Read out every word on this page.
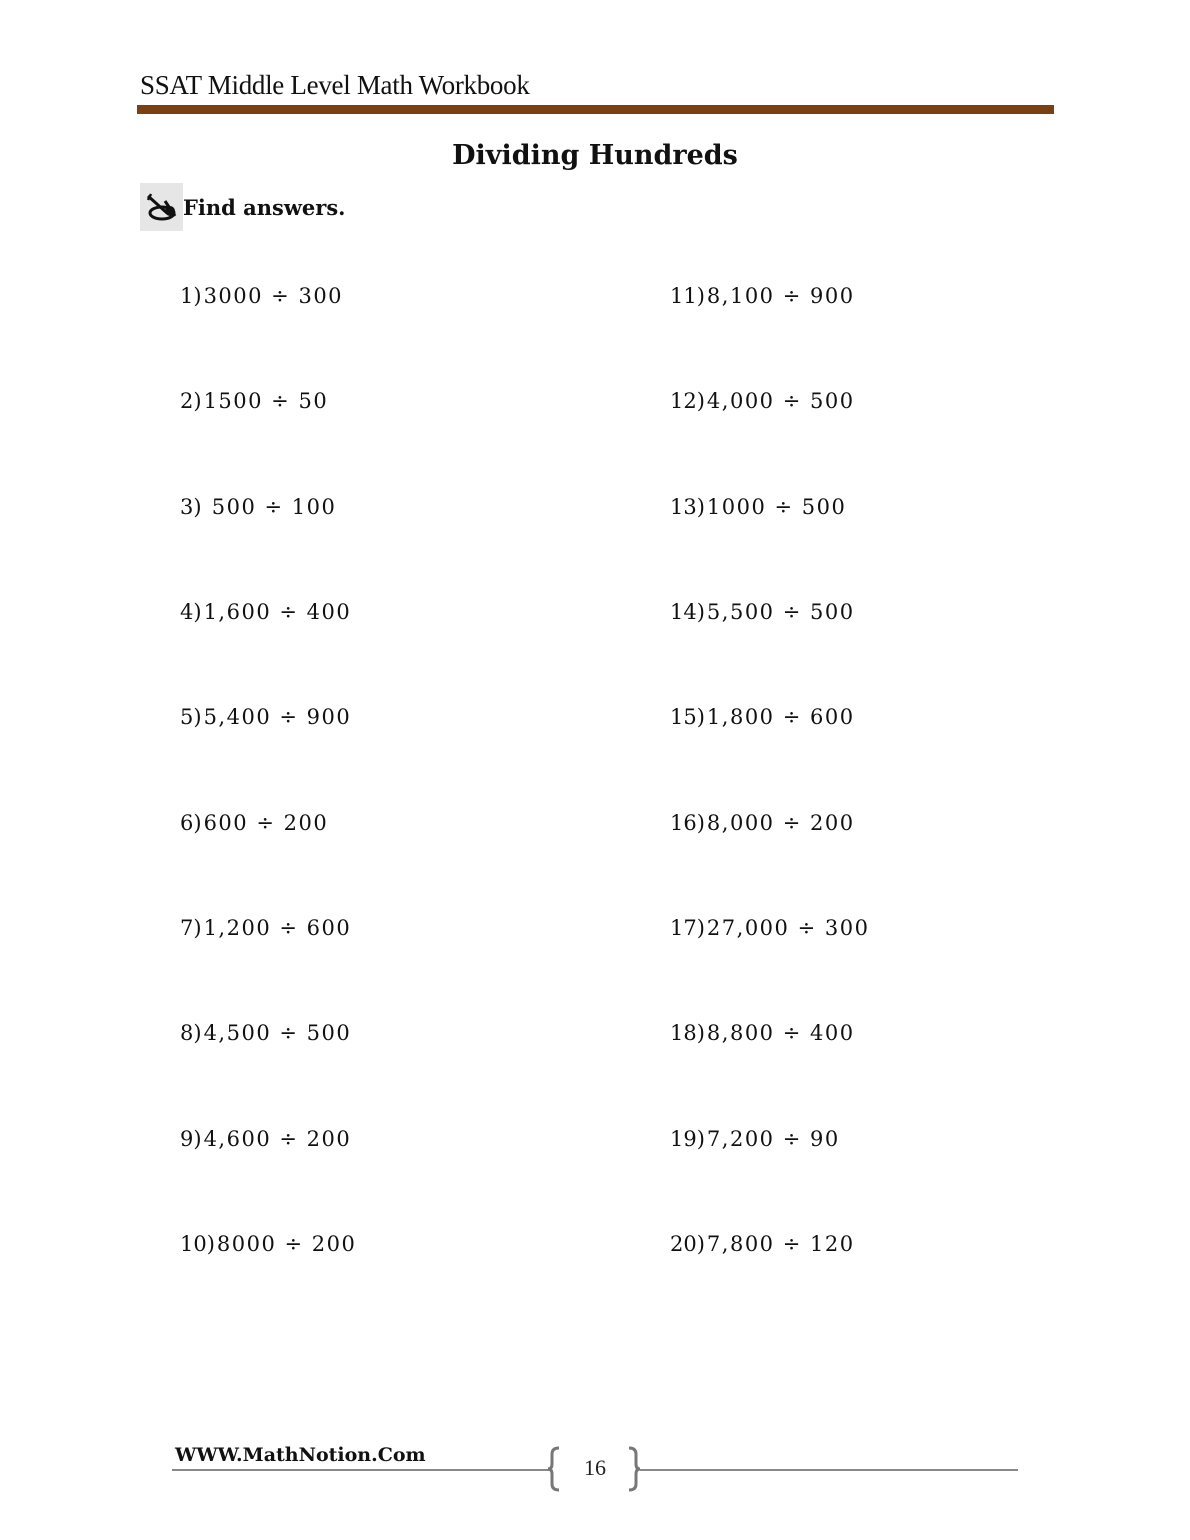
SSAT Middle Level Math Workbook
Dividing Hundreds
Find answers.
1) 3000 ÷ 300
2) 1500 ÷ 50
3) 500 ÷ 100
4) 1,600 ÷ 400
5) 5,400 ÷ 900
6) 600 ÷ 200
7) 1,200 ÷ 600
8) 4,500 ÷ 500
9) 4,600 ÷ 200
10) 8000 ÷ 200
11) 8,100 ÷ 900
12) 4,000 ÷ 500
13) 1000 ÷ 500
14) 5,500 ÷ 500
15) 1,800 ÷ 600
16) 8,000 ÷ 200
17) 27,000 ÷ 300
18) 8,800 ÷ 400
19) 7,200 ÷ 90
20) 7,800 ÷ 120
WWW.MathNotion.Com	16
